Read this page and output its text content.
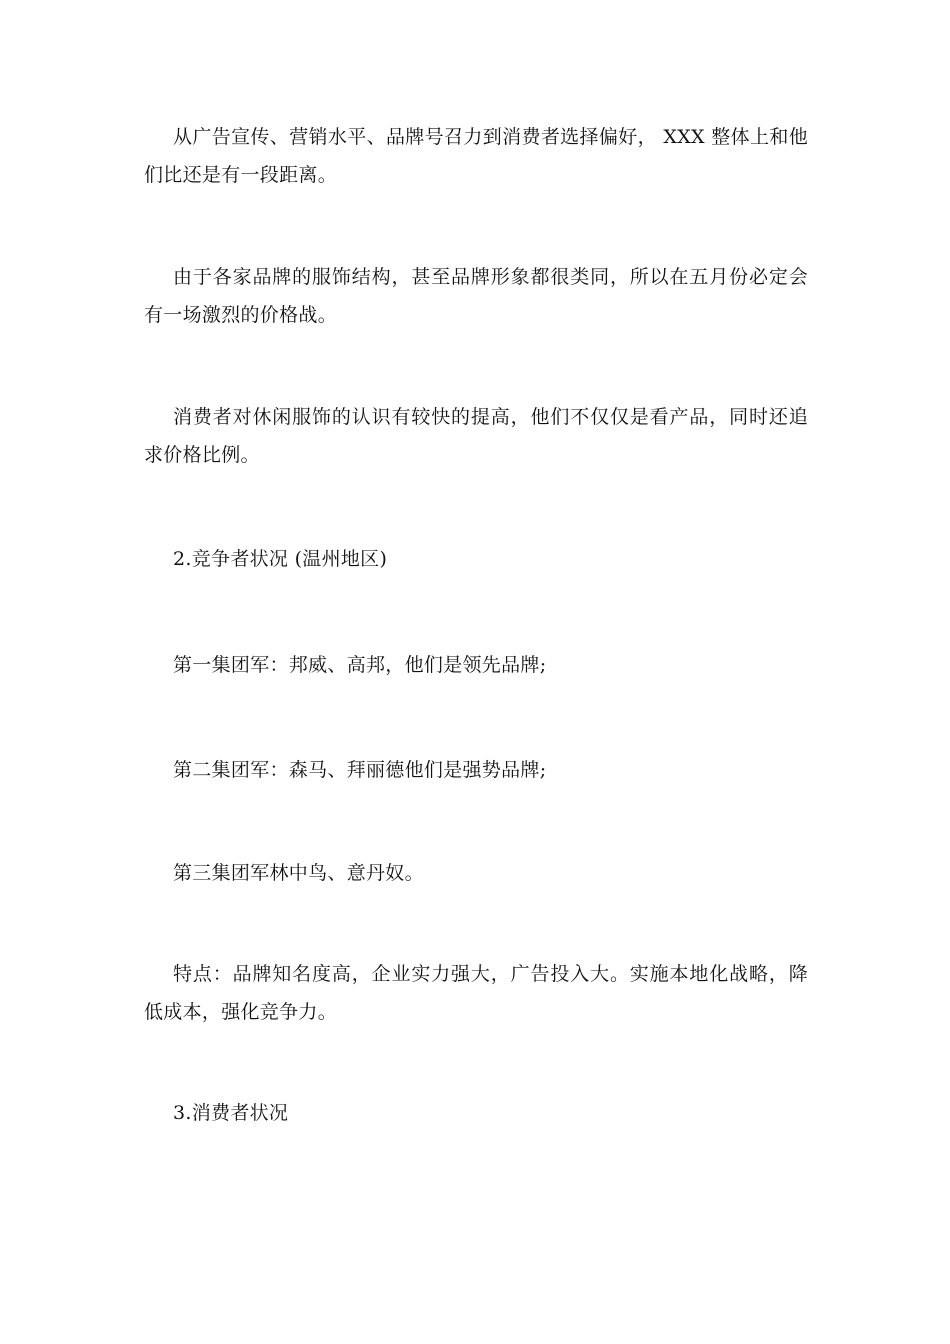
从广告宣传、营销水平、品牌号召力到消费者选择偏好， XXX 整体上和他们比还是有一段距离。

由于各家品牌的服饰结构，甚至品牌形象都很类同，所以在五月份必定会有一场激烈的价格战。

消费者对休闲服饰的认识有较快的提高，他们不仅仅是看产品，同时还追求价格比例。

2.竞争者状况 (温州地区)

第一集团军：邦威、高邦，他们是领先品牌;

第二集团军：森马、拜丽德他们是强势品牌;

第三集团军林中鸟、意丹奴。

特点：品牌知名度高，企业实力强大，广告投入大。实施本地化战略，降低成本，强化竞争力。

3.消费者状况
